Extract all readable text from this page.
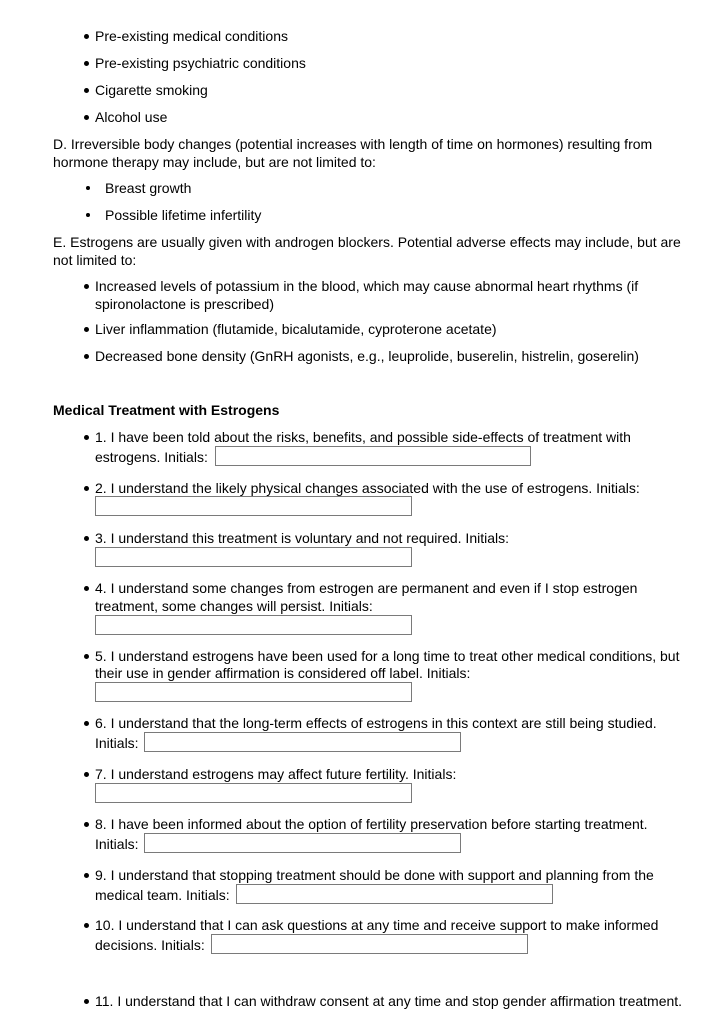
Pre-existing medical conditions
Pre-existing psychiatric conditions
Cigarette smoking
Alcohol use
D. Irreversible body changes (potential increases with length of time on hormones) resulting from hormone therapy may include, but are not limited to:
Breast growth
Possible lifetime infertility
E. Estrogens are usually given with androgen blockers. Potential adverse effects may include, but are not limited to:
Increased levels of potassium in the blood, which may cause abnormal heart rhythms (if spironolactone is prescribed)
Liver inflammation (flutamide, bicalutamide, cyproterone acetate)
Decreased bone density (GnRH agonists, e.g., leuprolide, buserelin, histrelin, goserelin)
Medical Treatment with Estrogens
1. I have been told about the risks, benefits, and possible side-effects of treatment with
estrogens. Initials:
2. I understand the likely physical changes associated with the use of estrogens. Initials:
3. I understand this treatment is voluntary and not required. Initials:
4. I understand some changes from estrogen are permanent and even if I stop estrogen
treatment, some changes will persist. Initials:
5. I understand estrogens have been used for a long time to treat other medical conditions, but
their use in gender affirmation is considered off label. Initials:
6. I understand that the long-term effects of estrogens in this context are still being studied.
Initials:
7. I understand estrogens may affect future fertility. Initials:
8. I have been informed about the option of fertility preservation before starting treatment.
Initials:
9. I understand that stopping treatment should be done with support and planning from the
medical team. Initials:
10. I understand that I can ask questions at any time and receive support to make informed
decisions. Initials:
11. I understand that I can withdraw consent at any time and stop gender affirmation treatment.
